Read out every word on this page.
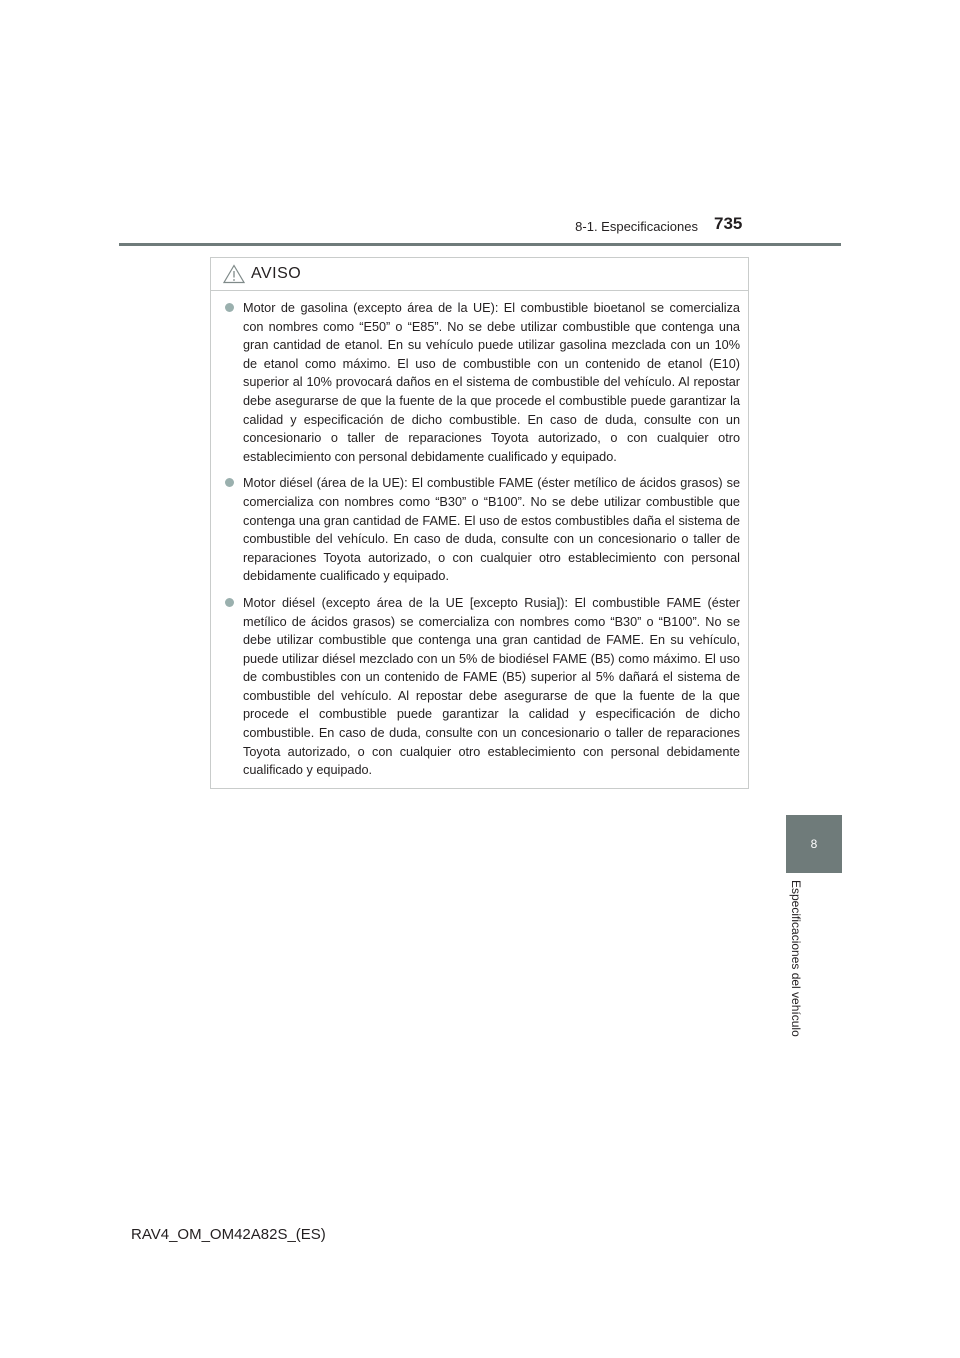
8-1. Especificaciones 735
8
Especificaciones del vehículo
AVISO
Motor de gasolina (excepto área de la UE): El combustible bioetanol se comercializa con nombres como “E50” o “E85”. No se debe utilizar combustible que contenga una gran cantidad de etanol. En su vehículo puede utilizar gasolina mezclada con un 10% de etanol como máximo. El uso de combustible con un contenido de etanol (E10) superior al 10% provocará daños en el sistema de combustible del vehículo. Al repostar debe asegurarse de que la fuente de la que procede el combustible puede garantizar la calidad y especificación de dicho combustible. En caso de duda, consulte con un concesionario o taller de reparaciones Toyota autorizado, o con cualquier otro establecimiento con personal debidamente cualificado y equipado.
Motor diésel (área de la UE): El combustible FAME (éster metílico de ácidos grasos) se comercializa con nombres como “B30” o “B100”. No se debe utilizar combustible que contenga una gran cantidad de FAME. El uso de estos combustibles daña el sistema de combustible del vehículo. En caso de duda, consulte con un concesionario o taller de reparaciones Toyota autorizado, o con cualquier otro establecimiento con personal debidamente cualificado y equipado.
Motor diésel (excepto área de la UE [excepto Rusia]): El combustible FAME (éster metílico de ácidos grasos) se comercializa con nombres como “B30” o “B100”. No se debe utilizar combustible que contenga una gran cantidad de FAME. En su vehículo, puede utilizar diésel mezclado con un 5% de biodiésel FAME (B5) como máximo. El uso de combustibles con un contenido de FAME (B5) superior al 5% dañará el sistema de combustible del vehículo. Al repostar debe asegurarse de que la fuente de la que procede el combustible puede garantizar la calidad y especificación de dicho combustible. En caso de duda, consulte con un concesionario o taller de reparaciones Toyota autorizado, o con cualquier otro establecimiento con personal debidamente cualificado y equipado.
RAV4_OM_OM42A82S_(ES)
